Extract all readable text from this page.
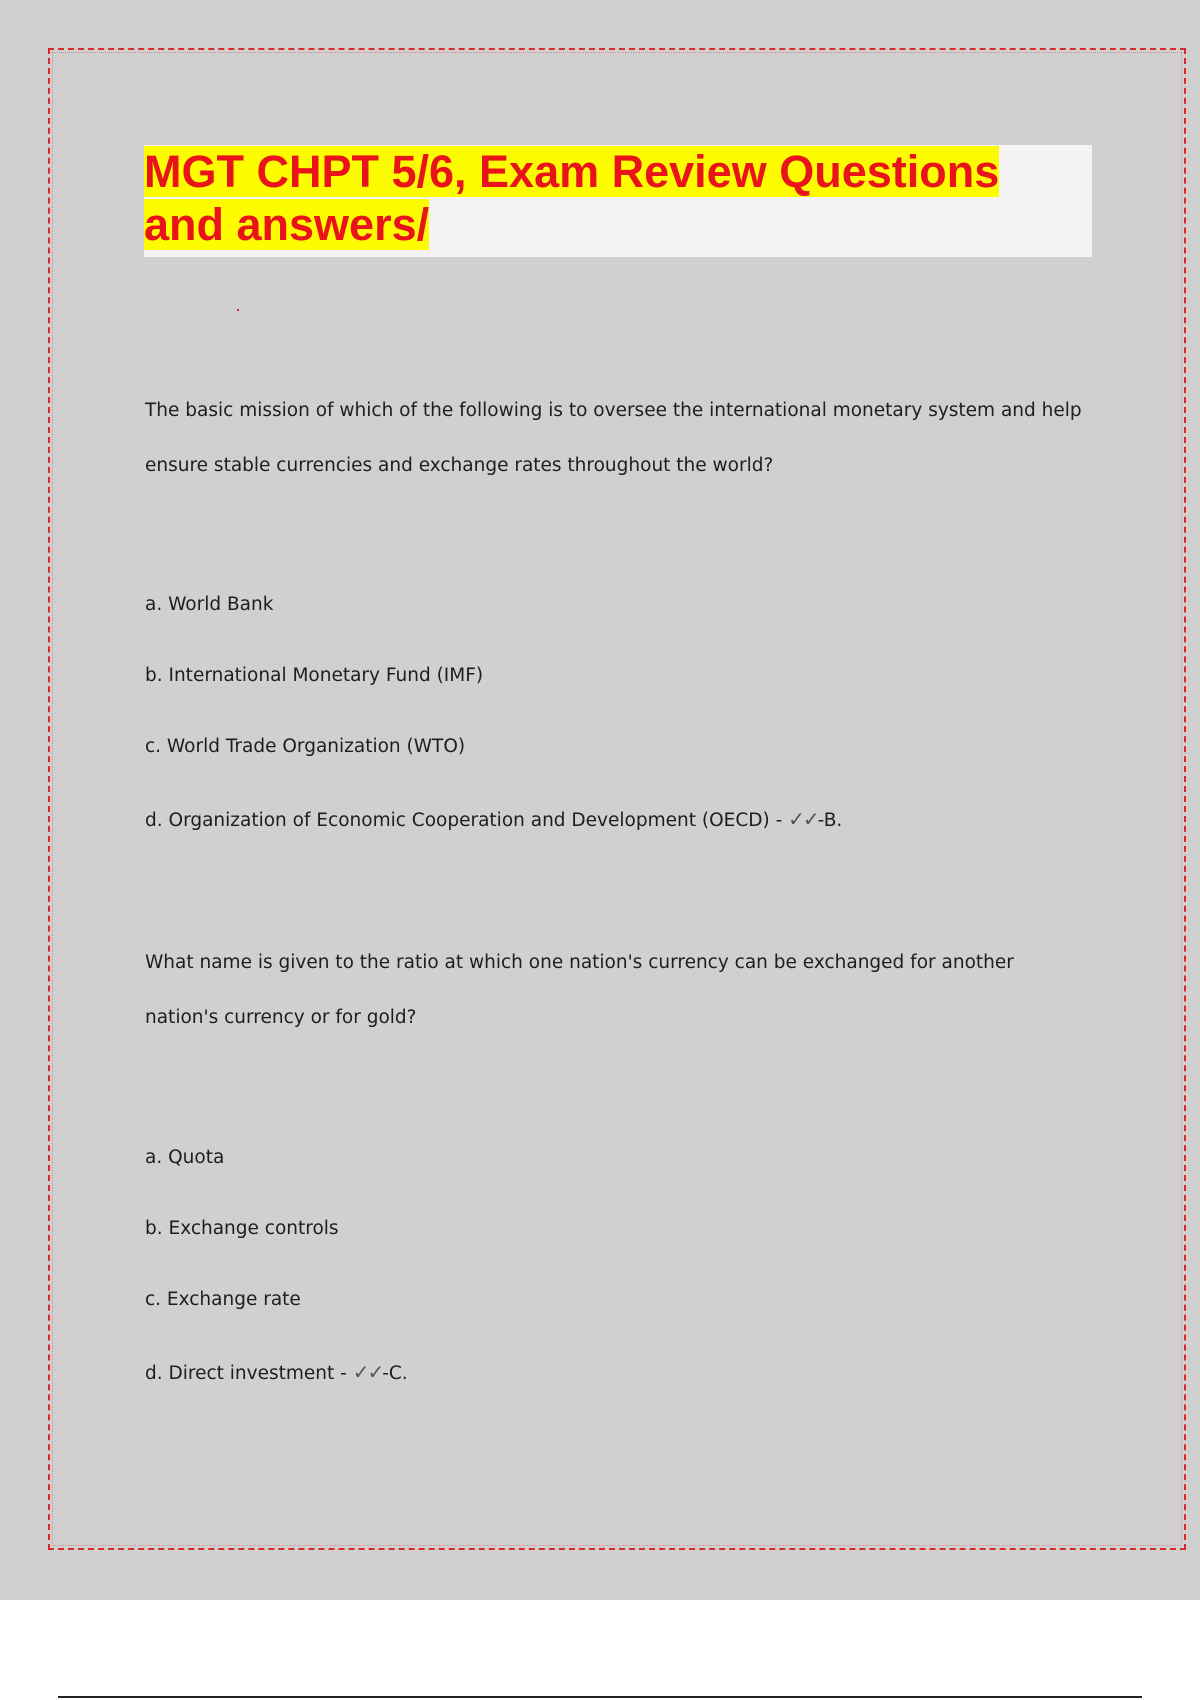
MGT CHPT 5/6, Exam Review Questions and answers/

The basic mission of which of the following is to oversee the international monetary system and help ensure stable currencies and exchange rates throughout the world?

a. World Bank

b. International Monetary Fund (IMF)

c. World Trade Organization (WTO)

d. Organization of Economic Cooperation and Development (OECD) - ✓✓-B.

What name is given to the ratio at which one nation's currency can be exchanged for another nation's currency or for gold?

a. Quota

b. Exchange controls

c. Exchange rate

d. Direct investment - ✓✓-C.
